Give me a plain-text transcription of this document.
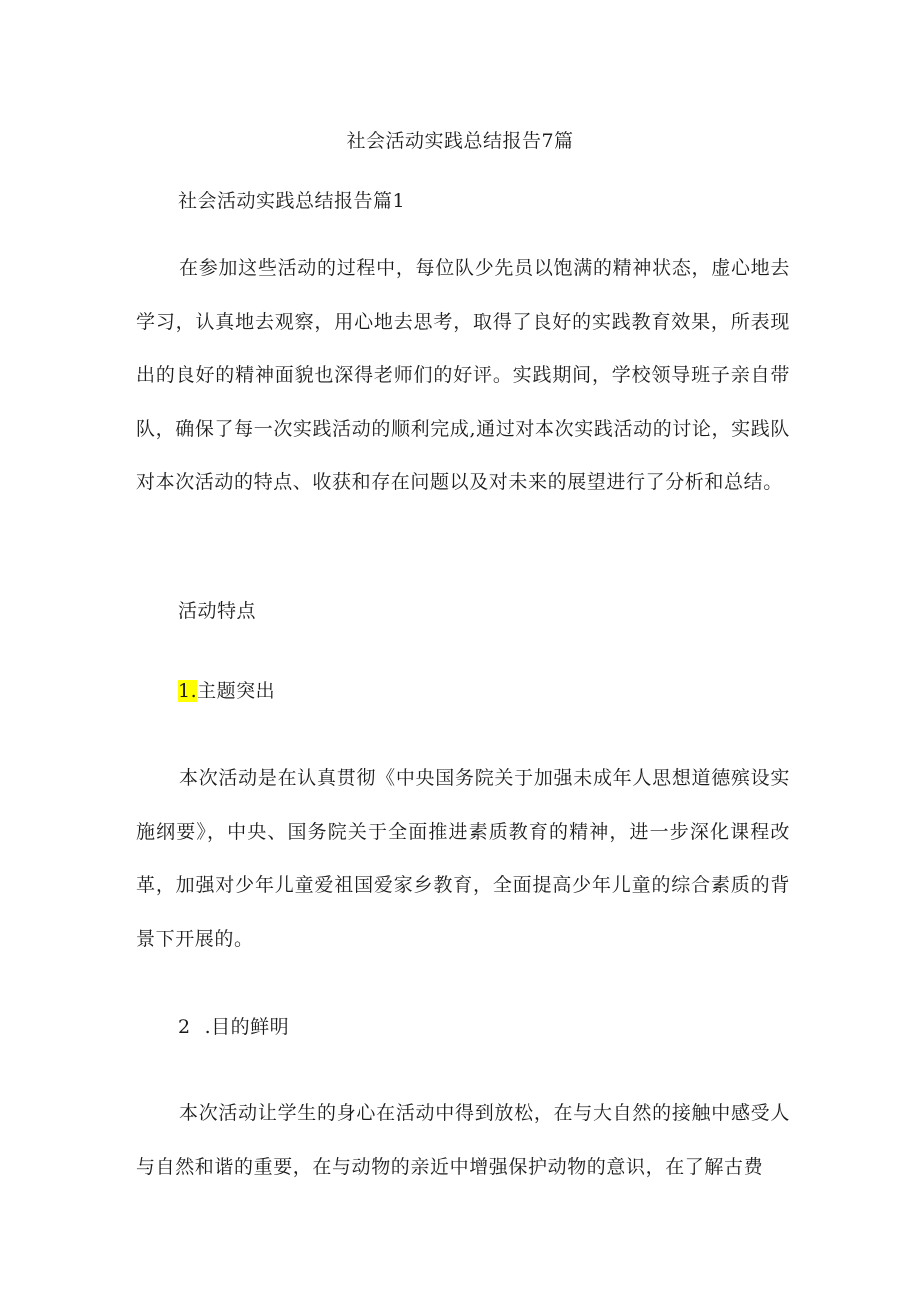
社会活动实践总结报告7篇
社会活动实践总结报告篇1

在参加这些活动的过程中，每位队少先员以饱满的精神状态，虚心地去学习，认真地去观察，用心地去思考，取得了良好的实践教育效果，所表现出的良好的精神面貌也深得老师们的好评。实践期间，学校领导班子亲自带队，确保了每一次实践活动的顺利完成,通过对本次实践活动的讨论，实践队对本次活动的特点、收获和存在问题以及对未来的展望进行了分析和总结。

活动特点
1.主题突出

本次活动是在认真贯彻《中央国务院关于加强未成年人思想道德殡设实施纲要》，中央、国务院关于全面推进素质教育的精神，进一步深化课程改革，加强对少年儿童爱祖国爱家乡教育，全面提高少年儿童的综合素质的背景下开展的。

2 .目的鲜明

本次活动让学生的身心在活动中得到放松，在与大自然的接触中感受人与自然和谐的重要，在与动物的亲近中增强保护动物的意识，在了解古费
